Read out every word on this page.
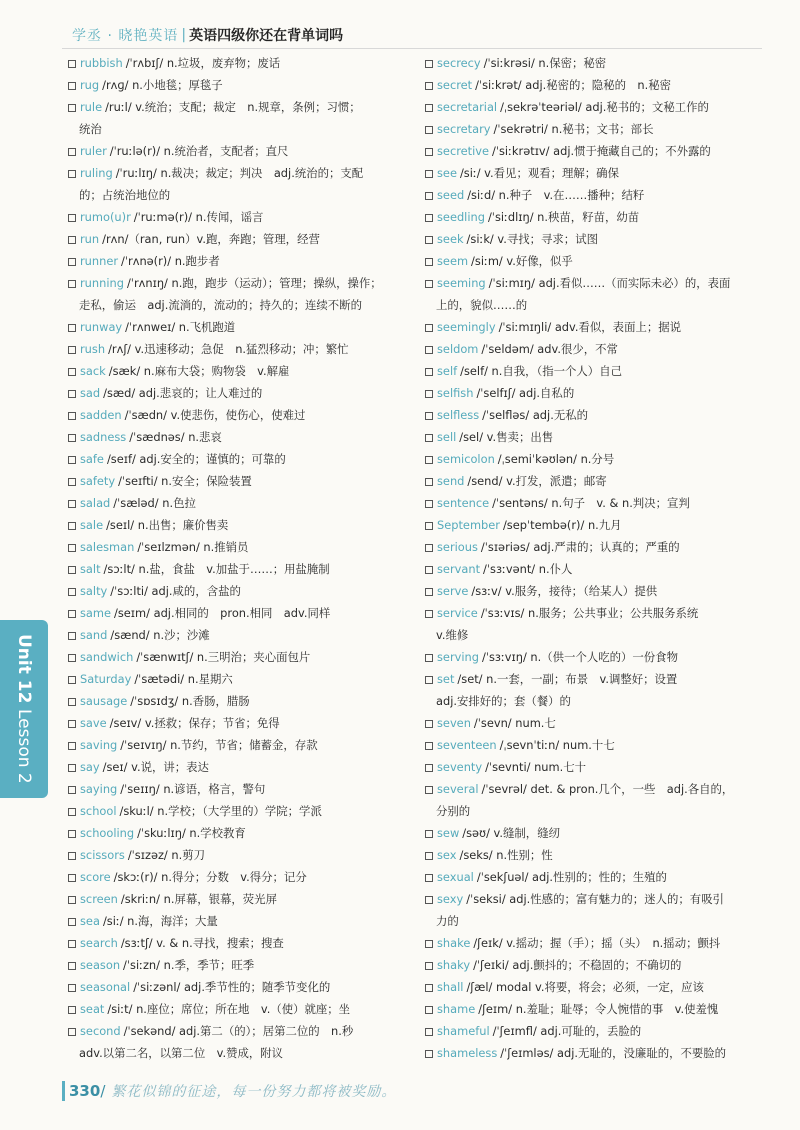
学丞 · 晓艳英语 | 英语四级你还在背单词吗
rubbish /ˈrʌbɪʃ/ n.垃圾，废弃物；废话
rug /rʌɡ/ n.小地毯；厚毯子
rule /ruːl/ v.统治；支配；裁定　n.规章，条例；习惯；
统治
ruler /ˈruːlə(r)/ n.统治者，支配者；直尺
ruling /ˈruːlɪŋ/ n.裁决；裁定；判决　adj.统治的；支配
的；占统治地位的
rumo(u)r /ˈruːmə(r)/ n.传闻，谣言
run /rʌn/（ran, run）v.跑，奔跑；管理，经营
runner /ˈrʌnə(r)/ n.跑步者
running /ˈrʌnɪŋ/ n.跑，跑步（运动）；管理；操纵，操作；
走私，偷运　adj.流淌的，流动的；持久的；连续不断的
runway /ˈrʌnweɪ/ n.飞机跑道
rush /rʌʃ/ v.迅速移动；急促　n.猛烈移动；冲；繁忙
sack /sæk/ n.麻布大袋；购物袋　v.解雇
sad /sæd/ adj.悲哀的；让人难过的
sadden /ˈsædn/ v.使悲伤，使伤心，使难过
sadness /ˈsædnəs/ n.悲哀
safe /seɪf/ adj.安全的；谨慎的；可靠的
safety /ˈseɪfti/ n.安全；保险装置
salad /ˈsæləd/ n.色拉
sale /seɪl/ n.出售；廉价售卖
salesman /ˈseɪlzmən/ n.推销员
salt /sɔːlt/ n.盐，食盐　v.加盐于……；用盐腌制
salty /ˈsɔːlti/ adj.咸的，含盐的
same /seɪm/ adj.相同的　pron.相同　adv.同样
sand /sænd/ n.沙；沙滩
sandwich /ˈsænwɪtʃ/ n.三明治；夹心面包片
Saturday /ˈsætədi/ n.星期六
sausage /ˈsɒsɪdʒ/ n.香肠，腊肠
save /seɪv/ v.拯救；保存；节省；免得
saving /ˈseɪvɪŋ/ n.节约，节省；储蓄金，存款
say /seɪ/ v.说，讲；表达
saying /ˈseɪɪŋ/ n.谚语，格言，警句
school /skuːl/ n.学校；（大学里的）学院；学派
schooling /ˈskuːlɪŋ/ n.学校教育
scissors /ˈsɪzəz/ n.剪刀
score /skɔː(r)/ n.得分；分数　v.得分；记分
screen /skriːn/ n.屏幕，银幕，荧光屏
sea /siː/ n.海，海洋；大量
search /sɜːtʃ/ v. & n.寻找，搜索；搜查
season /ˈsiːzn/ n.季，季节；旺季
seasonal /ˈsiːzənl/ adj.季节性的；随季节变化的
seat /siːt/ n.座位；席位；所在地　v.（使）就座；坐
second /ˈsekənd/ adj.第二（的）；居第二位的　n.秒
adv.以第二名，以第二位　v.赞成，附议
secrecy /ˈsiːkrəsi/ n.保密；秘密
secret /ˈsiːkrət/ adj.秘密的；隐秘的　n.秘密
secretarial /ˌsekrəˈteəriəl/ adj.秘书的；文秘工作的
secretary /ˈsekrətri/ n.秘书；文书；部长
secretive /ˈsiːkrətɪv/ adj.惯于掩藏自己的；不外露的
see /siː/ v.看见；观看；理解；确保
seed /siːd/ n.种子　v.在……播种；结籽
seedling /ˈsiːdlɪŋ/ n.秧苗，籽苗，幼苗
seek /siːk/ v.寻找；寻求；试图
seem /siːm/ v.好像，似乎
seeming /ˈsiːmɪŋ/ adj.看似……（而实际未必）的，表面
上的，貌似……的
seemingly /ˈsiːmɪŋli/ adv.看似，表面上；据说
seldom /ˈseldəm/ adv.很少，不常
self /self/ n.自我，（指一个人）自己
selfish /ˈselfɪʃ/ adj.自私的
selfless /ˈselfləs/ adj.无私的
sell /sel/ v.售卖；出售
semicolon /ˌsemiˈkəʊlən/ n.分号
send /send/ v.打发，派遣；邮寄
sentence /ˈsentəns/ n.句子　v. & n.判决；宣判
September /sepˈtembə(r)/ n.九月
serious /ˈsɪəriəs/ adj.严肃的；认真的；严重的
servant /ˈsɜːvənt/ n.仆人
serve /sɜːv/ v.服务，接待；（给某人）提供
service /ˈsɜːvɪs/ n.服务；公共事业；公共服务系统
v.维修
serving /ˈsɜːvɪŋ/ n.（供一个人吃的）一份食物
set /set/ n.一套，一副；布景　v.调整好；设置
adj.安排好的；套（餐）的
seven /ˈsevn/ num.七
seventeen /ˌsevnˈtiːn/ num.十七
seventy /ˈsevnti/ num.七十
several /ˈsevrəl/ det. & pron.几个，一些　adj.各自的，
分别的
sew /səʊ/ v.缝制，缝纫
sex /seks/ n.性别；性
sexual /ˈsekʃuəl/ adj.性别的；性的；生殖的
sexy /ˈseksi/ adj.性感的；富有魅力的；迷人的；有吸引
力的
shake /ʃeɪk/ v.摇动；握（手）；摇（头）　n.摇动；颤抖
shaky /ˈʃeɪki/ adj.颤抖的；不稳固的；不确切的
shall /ʃæl/ modal v.将要，将会；必须，一定，应该
shame /ʃeɪm/ n.羞耻；耻辱；令人惋惜的事　v.使羞愧
shameful /ˈʃeɪmfl/ adj.可耻的，丢脸的
shameless /ˈʃeɪmləs/ adj.无耻的，没廉耻的，不要脸的
Unit 12
Lesson 2
330 / 繁花似锦的征途，每一份努力都将被奖励。
